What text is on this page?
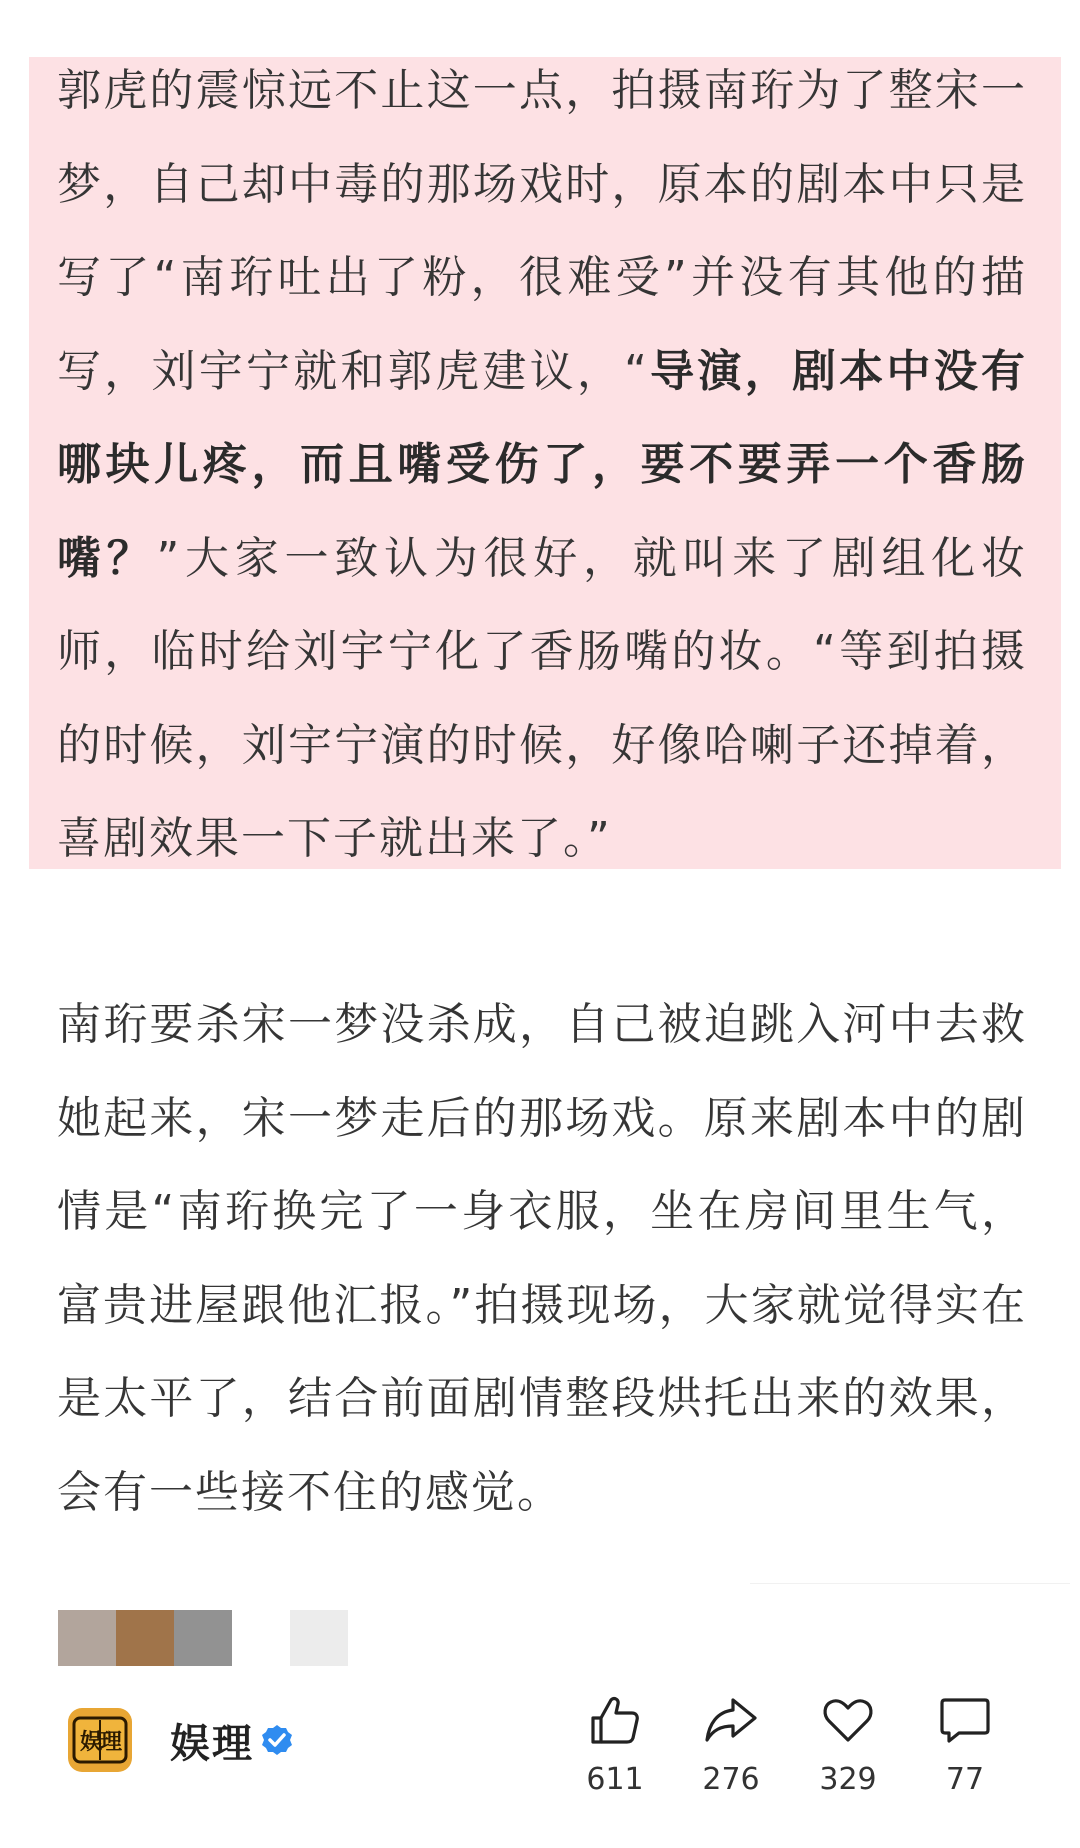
郭虎的震惊远不止这一点，拍摄南珩为了整宋一梦，自己却中毒的那场戏时，原本的剧本中只是写了“南珩吐出了粉，很难受”并没有其他的描写，刘宇宁就和郭虎建议，“导演，剧本中没有哪块儿疼，而且嘴受伤了，要不要弄一个香肠嘴？”大家一致认为很好，就叫来了剧组化妆师，临时给刘宇宁化了香肠嘴的妆。“等到拍摄的时候，刘宇宁演的时候，好像哈喇子还掉着，喜剧效果一下子就出来了。”

南珩要杀宋一梦没杀成，自己被迫跳入河中去救她起来，宋一梦走后的那场戏。原来剧本中的剧情是“南珩换完了一身衣服，坐在房间里生气，富贵进屋跟他汇报。”拍摄现场，大家就觉得实在是太平了，结合前面剧情整段烘托出来的效果，会有一些接不住的感觉。

娱理 娱理
611 276 329 77
